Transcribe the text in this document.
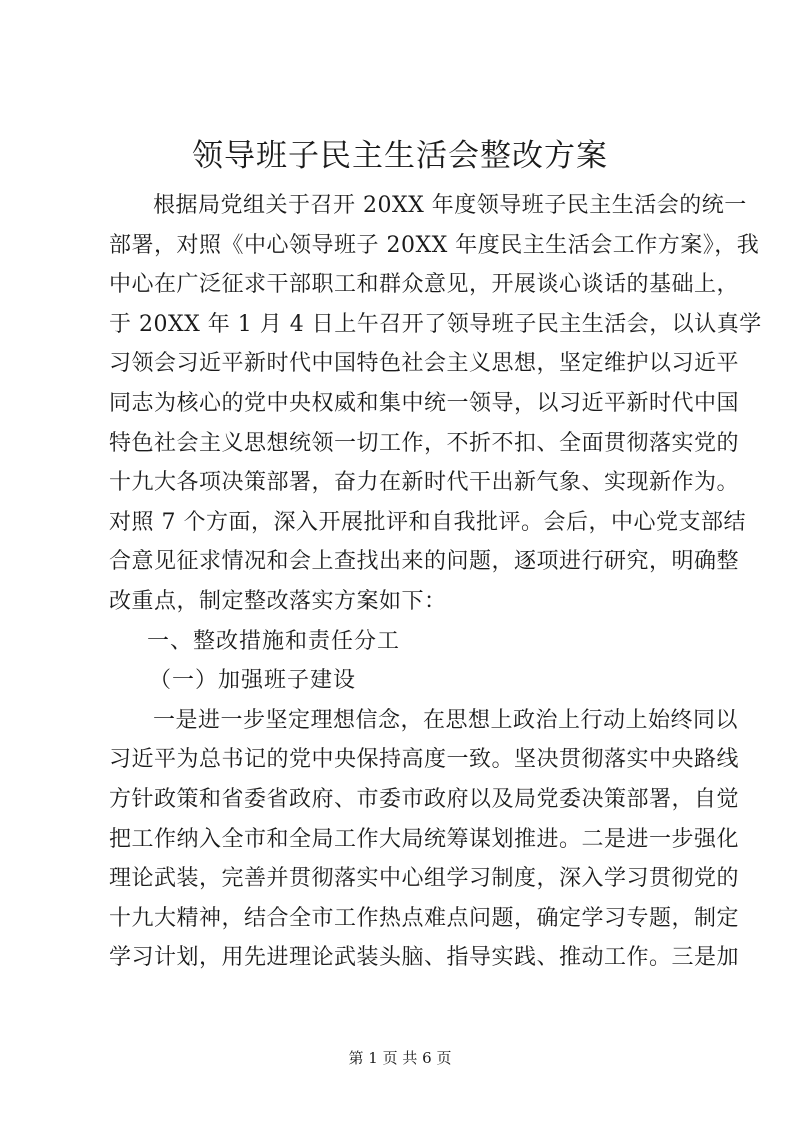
领导班子民主生活会整改方案
根据局党组关于召开 20XX 年度领导班子民主生活会的统一
部署，对照《中心领导班子 20XX 年度民主生活会工作方案》，我
中心在广泛征求干部职工和群众意见，开展谈心谈话的基础上，
于 20XX 年 1 月 4 日上午召开了领导班子民主生活会，以认真学
习领会习近平新时代中国特色社会主义思想，坚定维护以习近平
同志为核心的党中央权威和集中统一领导，以习近平新时代中国
特色社会主义思想统领一切工作，不折不扣、全面贯彻落实党的
十九大各项决策部署，奋力在新时代干出新气象、实现新作为。
对照 7 个方面，深入开展批评和自我批评。会后，中心党支部结
合意见征求情况和会上查找出来的问题，逐项进行研究，明确整
改重点，制定整改落实方案如下：
一、整改措施和责任分工
（一）加强班子建设
一是进一步坚定理想信念，在思想上政治上行动上始终同以
习近平为总书记的党中央保持高度一致。坚决贯彻落实中央路线
方针政策和省委省政府、市委市政府以及局党委决策部署，自觉
把工作纳入全市和全局工作大局统筹谋划推进。二是进一步强化
理论武装，完善并贯彻落实中心组学习制度，深入学习贯彻党的
十九大精神，结合全市工作热点难点问题，确定学习专题，制定
学习计划，用先进理论武装头脑、指导实践、推动工作。三是加
第 1 页 共 6 页
